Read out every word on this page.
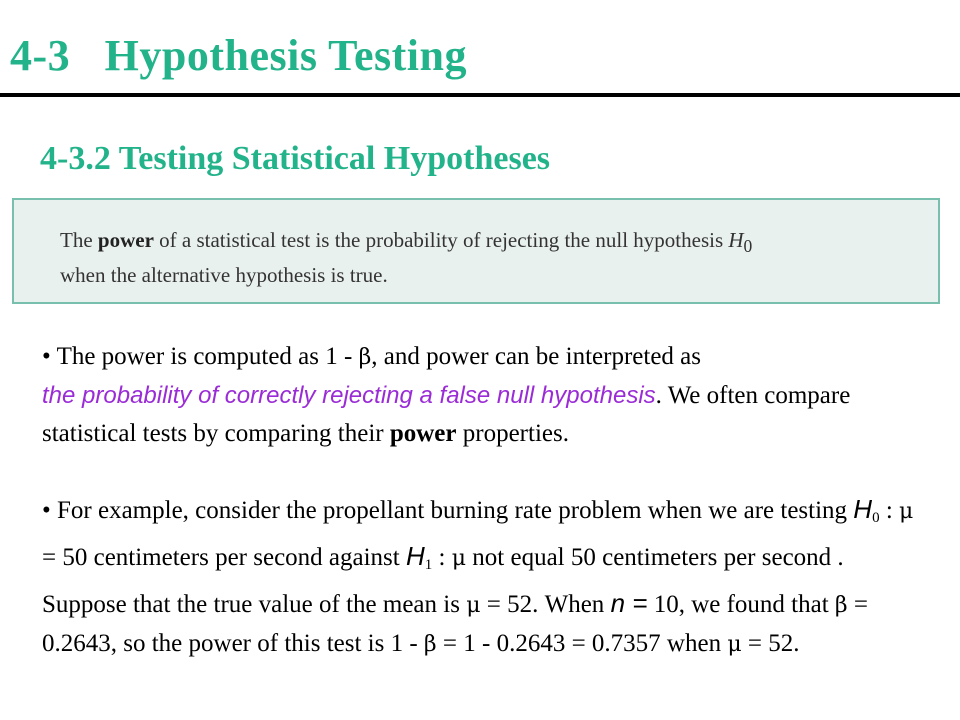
4-3   Hypothesis Testing
4-3.2 Testing Statistical Hypotheses
The power of a statistical test is the probability of rejecting the null hypothesis $H_0$
when the alternative hypothesis is true.
• The power is computed as 1 - β, and power can be interpreted as
the probability of correctly rejecting a false null hypothesis. We often compare statistical tests by comparing their power properties.
• For example, consider the propellant burning rate problem when we are testing $H_0$ : μ = 50 centimeters per second against $H_1$ : μ not equal 50 centimeters per second . Suppose that the true value of the mean is μ = 52. When n = 10, we found that β = 0.2643, so the power of this test is 1 - β = 1 - 0.2643 = 0.7357 when μ = 52.
